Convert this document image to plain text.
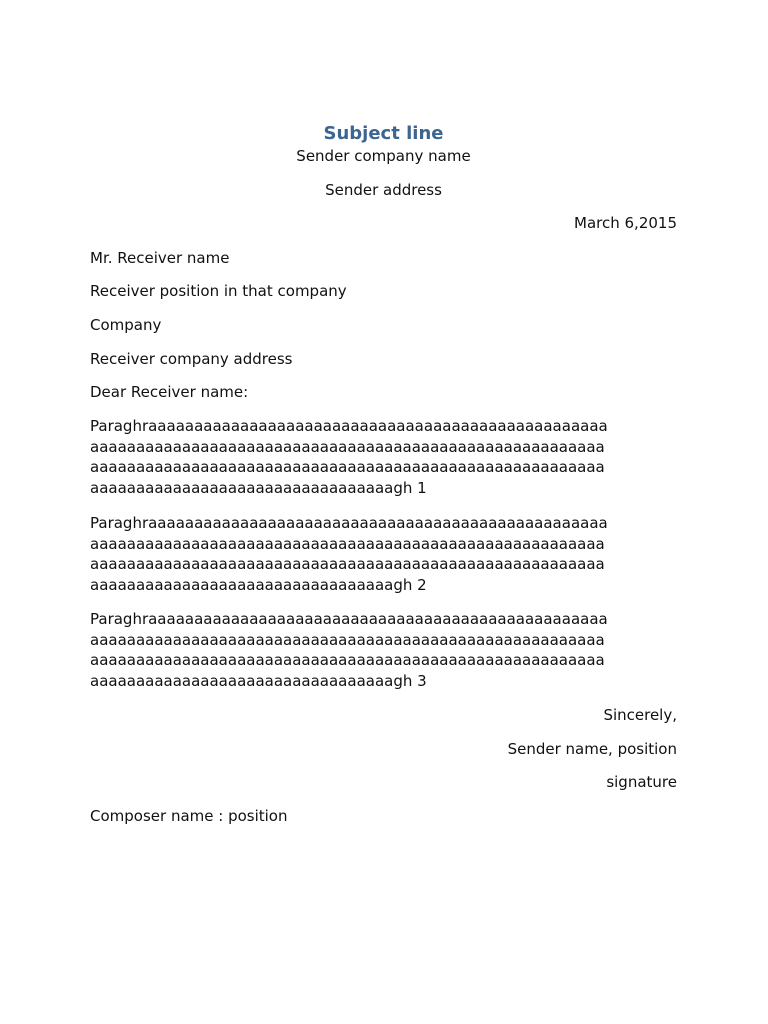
Subject line
Sender company name
Sender address
March 6,2015
Mr. Receiver name
Receiver position in that company
Company
Receiver company address
Dear Receiver name:
Paraghraaaaaaaaaaaaaaaaaaaaaaaaaaaaaaaaaaaaaaaaaaaaaaaaaa
aaaaaaaaaaaaaaaaaaaaaaaaaaaaaaaaaaaaaaaaaaaaaaaaaaaaaaaa
aaaaaaaaaaaaaaaaaaaaaaaaaaaaaaaaaaaaaaaaaaaaaaaaaaaaaaaa
aaaaaaaaaaaaaaaaaaaaaaaaaaaaaaaaagh 1
Paraghraaaaaaaaaaaaaaaaaaaaaaaaaaaaaaaaaaaaaaaaaaaaaaaaaa
aaaaaaaaaaaaaaaaaaaaaaaaaaaaaaaaaaaaaaaaaaaaaaaaaaaaaaaa
aaaaaaaaaaaaaaaaaaaaaaaaaaaaaaaaaaaaaaaaaaaaaaaaaaaaaaaa
aaaaaaaaaaaaaaaaaaaaaaaaaaaaaaaaagh 2
Paraghraaaaaaaaaaaaaaaaaaaaaaaaaaaaaaaaaaaaaaaaaaaaaaaaaa
aaaaaaaaaaaaaaaaaaaaaaaaaaaaaaaaaaaaaaaaaaaaaaaaaaaaaaaa
aaaaaaaaaaaaaaaaaaaaaaaaaaaaaaaaaaaaaaaaaaaaaaaaaaaaaaaa
aaaaaaaaaaaaaaaaaaaaaaaaaaaaaaaaagh 3
Sincerely,
Sender name, position
signature
Composer name : position
